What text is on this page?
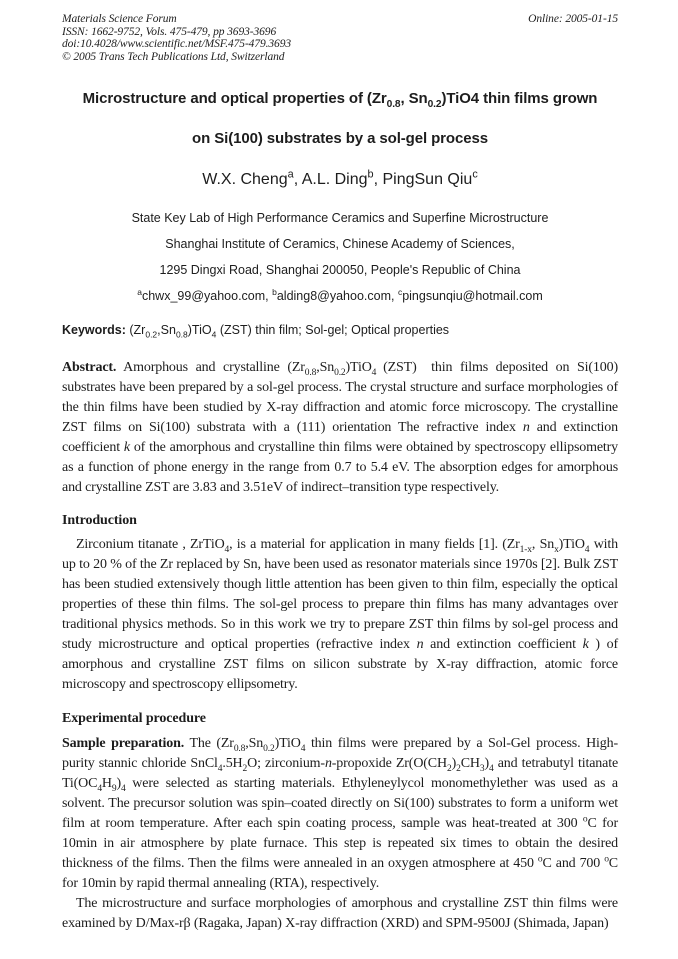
Materials Science Forum
ISSN: 1662-9752, Vols. 475-479, pp 3693-3696
doi:10.4028/www.scientific.net/MSF.475-479.3693
© 2005 Trans Tech Publications Ltd, Switzerland
Online: 2005-01-15
Microstructure and optical properties of ($Zr_{0.8}$, $Sn_{0.2})TiO4$ thin films grown
on Si(100) substrates by a sol-gel process
W.X. Cheng$^a$, A.L. Ding$^b$, PingSun Qiu$^c$
State Key Lab of High Performance Ceramics and Superfine Microstructure
Shanghai Institute of Ceramics, Chinese Academy of Sciences,
1295 Dingxi Road, Shanghai 200050, People's Republic of China
$^a$chwx_99@yahoo.com, $^b$alding8@yahoo.com, $^c$pingsunqiu@hotmail.com

Keywords: $(Zr_{0.2},Sn_{0.8})TiO_4$ (ZST) thin film; Sol-gel; Optical properties

Abstract. Amorphous and crystalline $(Zr_{0.8},Sn_{0.2})TiO_4$ (ZST)  thin films deposited on Si(100) substrates have been prepared by a sol-gel process. The crystal structure and surface morphologies of the thin films have been studied by X-ray diffraction and atomic force microscopy. The crystalline ZST films on Si(100) substrata with a (111) orientation The refractive index n and extinction coefficient k of the amorphous and crystalline thin films were obtained by spectroscopy ellipsometry as a function of phone energy in the range from 0.7 to 5.4 eV. The absorption edges for amorphous and crystalline ZST are 3.83 and 3.51eV of indirect–transition type respectively.

Introduction

Zirconium titanate , ZrTiO$_4$, is a material for application in many fields [1]. ($Zr_{1-x}$, $Sn_x)TiO_4$ with up to 20 % of the Zr replaced by Sn, have been used as resonator materials since 1970s [2]. Bulk ZST has been studied extensively though little attention has been given to thin film, especially the optical properties of these thin films. The sol-gel process to prepare thin films has many advantages over traditional physics methods. So in this work we try to prepare ZST thin films by sol-gel process and study microstructure and optical properties (refractive index n and extinction coefficient k ) of amorphous and crystalline ZST films on silicon substrate by X-ray diffraction, atomic force microscopy and spectroscopy ellipsometry.

Experimental procedure

Sample preparation. The $(Zr_{0.8},Sn_{0.2})TiO_4$ thin films were prepared by a Sol-Gel process. High-purity stannic chloride $SnCl_4.5H_2O$; zirconium-n-propoxide $Zr(O(CH_2)_2CH_3)_4$ and tetrabutyl titanate $Ti(OC_4H_9)_4$ were selected as starting materials. Ethyleneylycol monomethylether was used as a solvent. The precursor solution was spin–coated directly on Si(100) substrates to form a uniform wet film at room temperature. After each spin coating process, sample was heat-treated at 300 $^o$C for 10min in air atmosphere by plate furnace. This step is repeated six times to obtain the desired thickness of the films. Then the films were annealed in an oxygen atmosphere at 450 $^o$C and 700 $^o$C for 10min by rapid thermal annealing (RTA), respectively.

The microstructure and surface morphologies of amorphous and crystalline ZST thin films were examined by D/Max-rβ (Ragaka, Japan) X-ray diffraction (XRD) and SPM-9500J (Shimada, Japan)
